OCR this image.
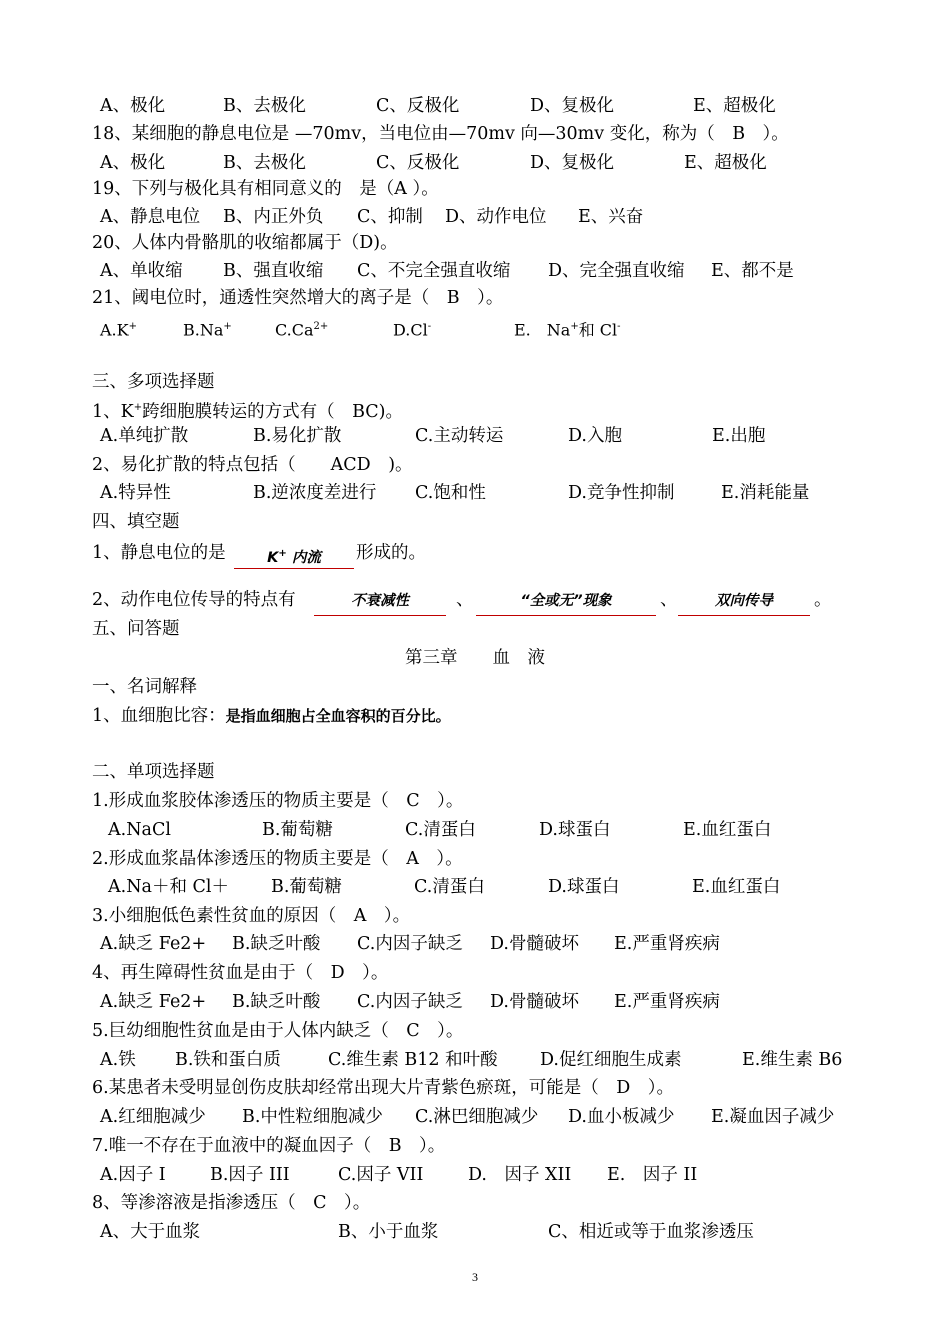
A、极化	B、去极化	C、反极化	D、复极化	E、超极化
18、某细胞的静息电位是 —70mv，当电位由—70mv 向—30mv 变化，称为（　B　）。
A、极化	B、去极化	C、反极化	D、复极化	E、超极化
19、下列与极化具有相同意义的　是（A ）。
A、静息电位 B、内正外负 C、抑制 D、动作电位 E、兴奋
20、人体内骨骼肌的收缩都属于（D)。
A、单收缩 B、强直收缩 C、不完全强直收缩 D、完全强直收缩 E、都不是
21、阈电位时，通透性突然增大的离子是（　B　）。
A.K+	B.Na+	$C.Ca^{2+}$	D.Cl-	E.　Na+和 Cl-
三、多项选择题
1、K+跨细胞膜转运的方式有（　BC)。
A.单纯扩散	B.易化扩散	C.主动转运	D.入胞	E.出胞
2、易化扩散的特点包括（　　ACD　)。
A.特异性	B.逆浓度差进行 C.饱和性	D.竞争性抑制	E.消耗能量
四、填空题
1、静息电位的是	K+ 内流	形成的。
2、动作电位传导的特点有	不衰减性	、	“全或无”现象	、	双向传导	。
五、问答题
第三章　　血　液
一、名词解释
1、血细胞比容：是指血细胞占全血容积的百分比。
二、单项选择题
1.形成血浆胶体渗透压的物质主要是（　C　）。
A.NaCl	B.葡萄糖	C.清蛋白	D.球蛋白	E.血红蛋白
2.形成血浆晶体渗透压的物质主要是（　A　）。
A.Na＋和 Cl＋ B.葡萄糖	C.清蛋白	D.球蛋白	E.血红蛋白
3.小细胞低色素性贫血的原因（　A　）。
A.缺乏 Fe2+ B.缺乏叶酸 C.内因子缺乏 D.骨髓破坏 E.严重肾疾病
4、再生障碍性贫血是由于（　D　）。
A.缺乏 Fe2+ B.缺乏叶酸 C.内因子缺乏 D.骨髓破坏 E.严重肾疾病
5.巨幼细胞性贫血是由于人体内缺乏（　C　）。
A.铁 B.铁和蛋白质	C.维生素 B12 和叶酸 D.促红细胞生成素	E.维生素 B6
6.某患者未受明显创伤皮肤却经常出现大片青紫色瘀斑，可能是（　D　）。
A.红细胞减少 B.中性粒细胞减少 C.淋巴细胞减少 D.血小板减少 E.凝血因子减少
7.唯一不存在于血液中的凝血因子（　B　）。
A.因子 I	B.因子 III	C.因子 VII	D.　因子 XII E.　因子 II
8、等渗溶液是指渗透压（　C　）。
A、大于血浆	B、小于血浆	C、相近或等于血浆渗透压
3
